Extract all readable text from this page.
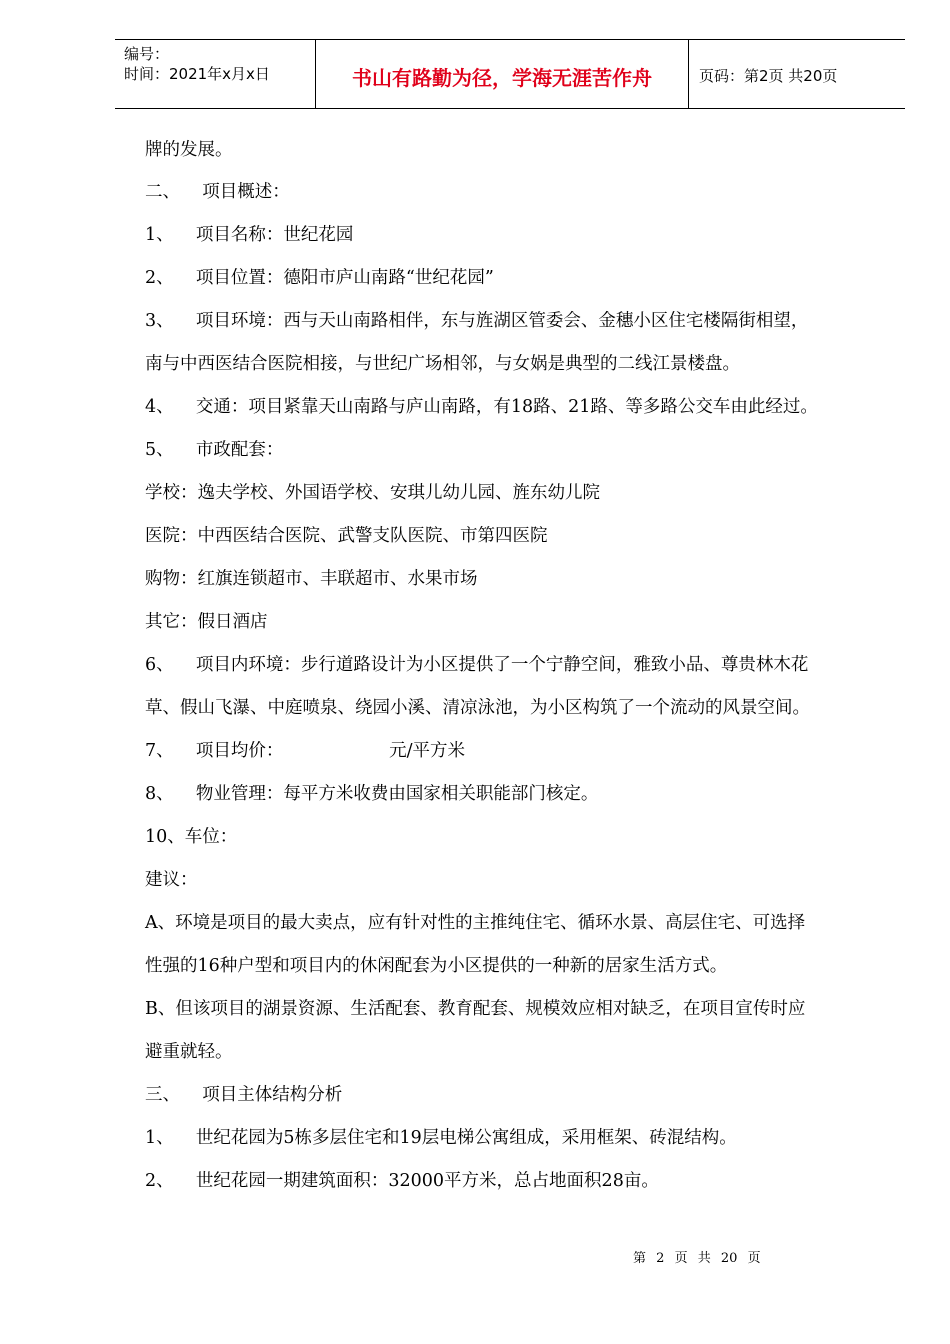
编号：
时间：2021年x月x日	书山有路勤为径，学海无涯苦作舟	页码：第2页 共20页
牌的发展。
二、    项目概述：
1、    项目名称：世纪花园
2、    项目位置：德阳市庐山南路“世纪花园”
3、    项目环境：西与天山南路相伴，东与旌湖区管委会、金穗小区住宅楼隔街相望，
南与中西医结合医院相接，与世纪广场相邻，与女娲是典型的二线江景楼盘。
4、    交通：项目紧靠天山南路与庐山南路，有18路、21路、等多路公交车由此经过。
5、    市政配套：
学校：逸夫学校、外国语学校、安琪儿幼儿园、旌东幼儿院
医院：中西医结合医院、武警支队医院、市第四医院
购物：红旗连锁超市、丰联超市、水果市场
其它：假日酒店
6、    项目内环境：步行道路设计为小区提供了一个宁静空间，雅致小品、尊贵林木花
草、假山飞瀑、中庭喷泉、绕园小溪、清凉泳池，为小区构筑了一个流动的风景空间。
7、    项目均价：                   元/平方米
8、    物业管理：每平方米收费由国家相关职能部门核定。
10、车位：
建议：
A、环境是项目的最大卖点，应有针对性的主推纯住宅、循环水景、高层住宅、可选择
性强的16种户型和项目内的休闲配套为小区提供的一种新的居家生活方式。
B、但该项目的湖景资源、生活配套、教育配套、规模效应相对缺乏，在项目宣传时应
避重就轻。
三、    项目主体结构分析
1、    世纪花园为5栋多层住宅和19层电梯公寓组成，采用框架、砖混结构。
2、    世纪花园一期建筑面积：32000平方米，总占地面积28亩。
第 2 页 共 20 页
